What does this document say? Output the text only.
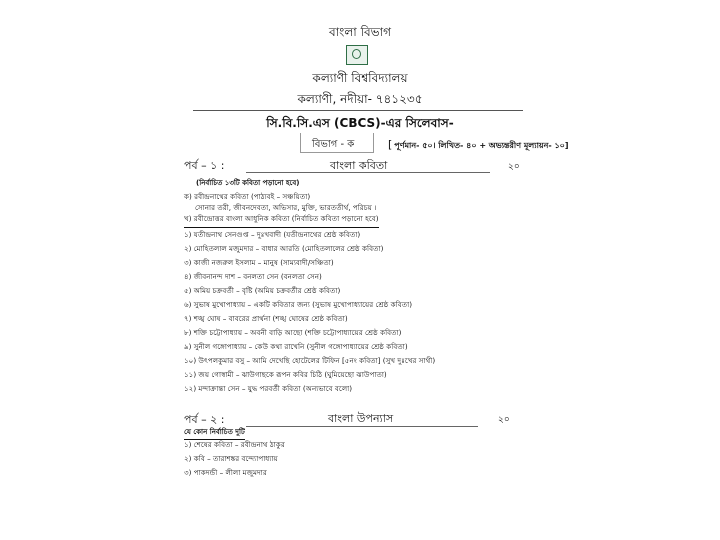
বাংলা বিভাগ
কল্যাণী বিশ্ববিদ্যালয়
কল্যাণী, নদীয়া- ৭৪১২৩৫
সি.বি.সি.এস (CBCS)-এর সিলেবাস-
বিভাগ - ক	[ পূর্ণমান- ৫০। লিখিত- ৪০ + অভ্যন্তরীণ মূল্যায়ন- ১০]
পর্ব – ১ :	বাংলা কবিতা	২০
(নির্বাচিত ১৩টি কবিতা পড়ানো হবে)
ক) রবীন্দ্রনাথের কবিতা (পাঠ্যবই – সঞ্চয়িতা)
সোনার তরী, জীবনদেবতা, অভিসার, মুক্তি, ভারততীর্থ, পরিচয় ।
খ) রবীন্দ্রোত্তর বাংলা আধুনিক কবিতা (নির্বাচিত কবিতা পড়ানো হবে)
১) যতীন্দ্রনাথ সেনগুপ্ত – দুঃখবাদী (যতীন্দ্রনাথের শ্রেষ্ঠ কবিতা)
২) মোহিতলাল মজুমদার – বাধার আরতি (মোহিতলালের শ্রেষ্ঠ কবিতা)
৩) কাজী নজরুল ইসলাম – মানুষ (সাম্যবাদী/সঞ্চিতা)
৪) জীবনানন্দ দাশ – বনলতা সেন (বনলতা সেন)
৫) অমিয় চক্রবর্তী – বৃষ্টি (অমিয় চক্রবর্তীর শ্রেষ্ঠ কবিতা)
৬) সুভাষ মুখোপাধ্যায় – একটি কবিতার জন্য (সুভাষ মুখোপাধ্যায়ের শ্রেষ্ঠ কবিতা)
৭) শঙ্খ ঘোষ – বাবরের প্রার্থনা (শঙ্খ ঘোষের শ্রেষ্ঠ কবিতা)
৮) শক্তি চট্টোপাধ্যায় – অবনী বাড়ি আছো (শক্তি চট্টোপাধ্যায়ের শ্রেষ্ঠ কবিতা)
৯) সুনীল গঙ্গোপাধ্যায় – কেউ কথা রাখেনি (সুনীল গঙ্গোপাধ্যায়ের শ্রেষ্ঠ কবিতা)
১০) উৎপলকুমার বসু – আমি দেখেছি হোটেলের টিফিন [৫নং কবিতা] (সুখ দুঃখের সাথী)
১১) জয় গোস্বামী – ঝাউগাছকে রূপন কবির চিঠি (ঘুমিয়েছো ঝাউপাতা)
১২) মন্দাক্রান্তা সেন – যুদ্ধ পরবর্তী কবিতা (অন্যভাবে বলো)
পর্ব – ২ :	বাংলা উপন্যাস	২০
যে কোন নির্বাচিত দুটি
১) শেষের কবিতা – রবীন্দ্রনাথ ঠাকুর
২) কবি – তারাশঙ্কর বন্দ্যোপাধ্যায়
৩) পাকদন্ডী – লীলা মজুমদার
